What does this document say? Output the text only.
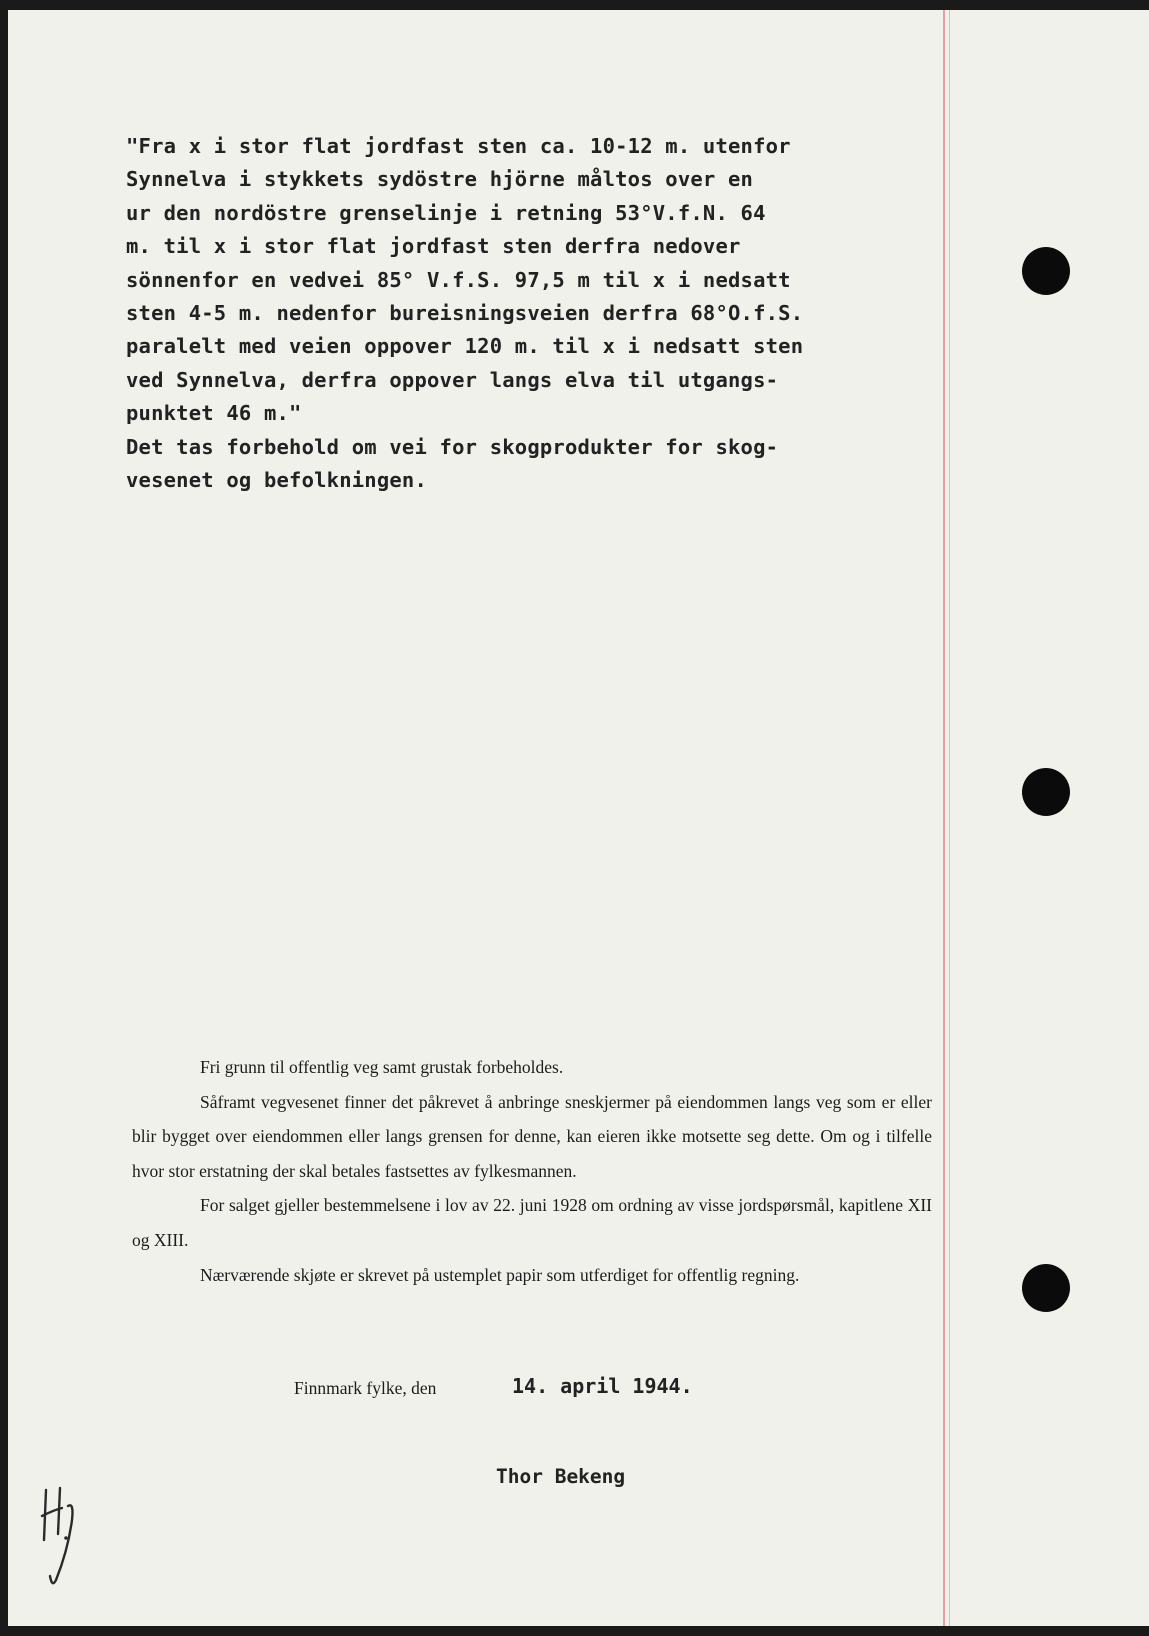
"Fra x i stor flat jordfast sten ca. 10-12 m. utenfor
Synnelva i stykkets sydöstre hjörne måltos over en
ur den nordöstre grenselinje i retning 53°V.f.N. 64
m. til x i stor flat jordfast sten derfra nedover
sönnenfor en vedvei 85° V.f.S. 97,5 m til x i nedsatt
sten 4-5 m. nedenfor bureisningsveien derfra 68°O.f.S.
paralelt med veien oppover 120 m. til x i nedsatt sten
ved Synnelva, derfra oppover langs elva til utgangs-
punktet 46 m."
Det tas forbehold om vei for skogprodukter for skog-
vesenet og befolkningen.

Fri grunn til offentlig veg samt grustak forbeholdes.

Såframt vegvesenet finner det påkrevet å anbringe sneskjermer på eiendommen langs veg som er eller blir bygget over eiendommen eller langs grensen for denne, kan eieren ikke motsette seg dette. Om og i tilfelle hvor stor erstatning der skal betales fastsettes av fylkesmannen.

For salget gjeller bestemmelsene i lov av 22. juni 1928 om ordning av visse jordspørsmål, kapitlene XII og XIII.

Nærværende skjøte er skrevet på ustemplet papir som utferdiget for offentlig regning.

Finnmark fylke, den	14. april 1944.
Thor Bekeng
